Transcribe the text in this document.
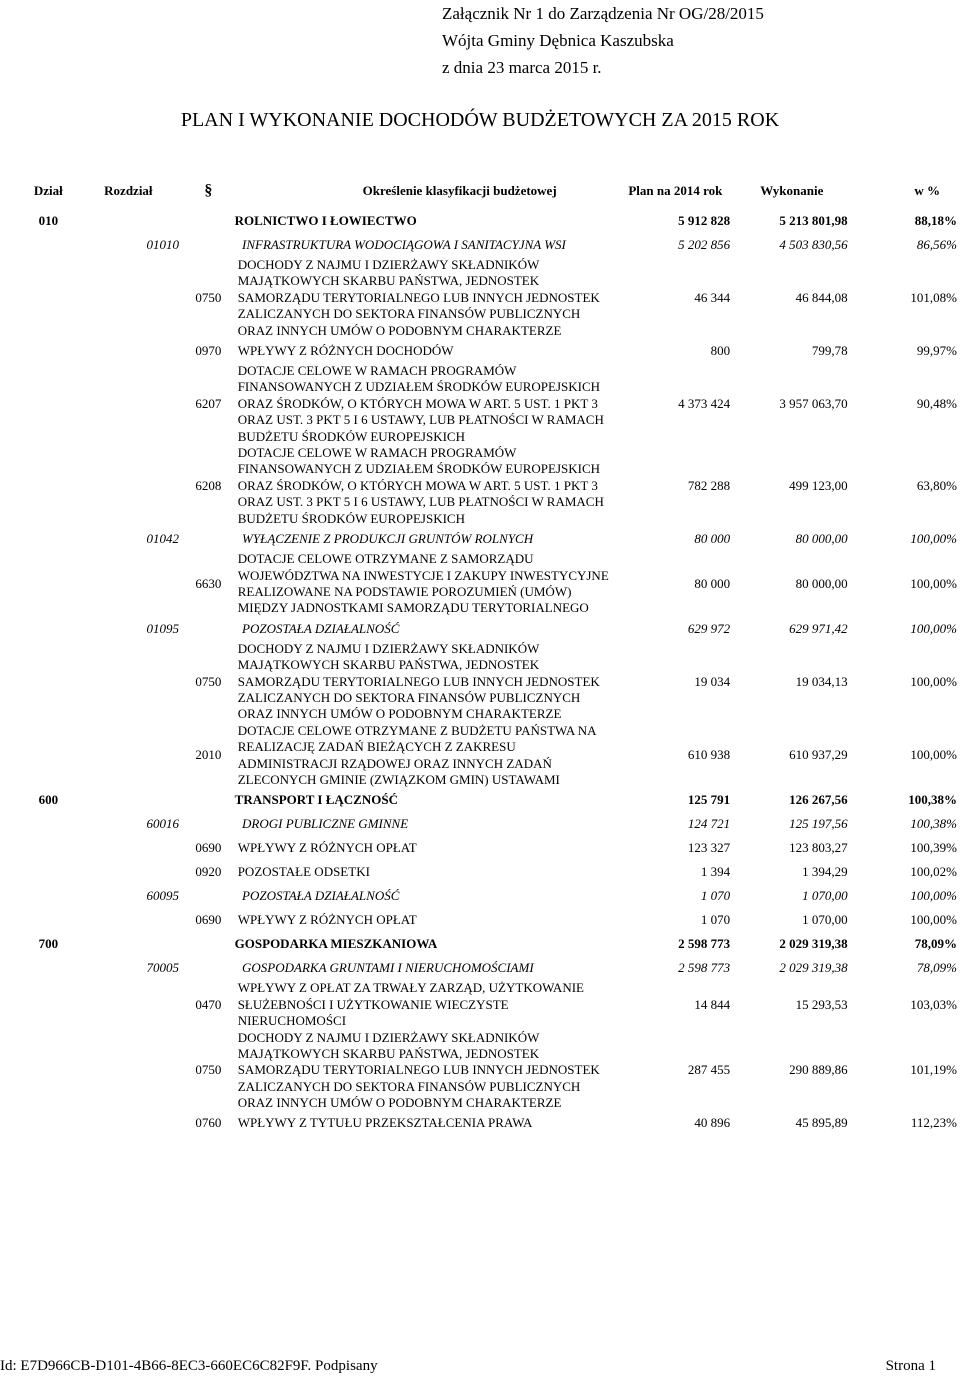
Załącznik Nr 1 do Zarządzenia Nr OG/28/2015
Wójta Gminy Dębnica Kaszubska
z dnia 23 marca 2015 r.
PLAN I WYKONANIE DOCHODÓW BUDŻETOWYCH ZA 2015 ROK
Dział	Rozdział	§	Określenie klasyfikacji budżetowej	Plan na 2014 rok	Wykonanie	w %
010	ROLNICTWO I ŁOWIECTWO			5 912 828	5 213 801,98	88,18%
	01010	INFRASTRUKTURA WODOCIĄGOWA I SANITACYJNA WSI		5 202 856	4 503 830,56	86,56%
		0750	DOCHODY Z NAJMU I DZIERŻAWY SKŁADNIKÓW MAJĄTKOWYCH SKARBU PAŃSTWA, JEDNOSTEK SAMORZĄDU TERYTORIALNEGO LUB INNYCH JEDNOSTEK ZALICZANYCH DO SEKTORA FINANSÓW PUBLICZNYCH ORAZ INNYCH UMÓW O PODOBNYM CHARAKTERZE	46 344	46 844,08	101,08%
		0970	WPŁYWY Z RÓŻNYCH DOCHODÓW	800	799,78	99,97%
		6207	DOTACJE CELOWE W RAMACH PROGRAMÓW FINANSOWANYCH Z UDZIAŁEM ŚRODKÓW EUROPEJSKICH ORAZ ŚRODKÓW, O KTÓRYCH MOWA W ART. 5 UST. 1 PKT 3 ORAZ UST. 3 PKT 5 I 6 USTAWY, LUB PŁATNOŚCI W RAMACH BUDŻETU ŚRODKÓW EUROPEJSKICH	4 373 424	3 957 063,70	90,48%
		6208	DOTACJE CELOWE W RAMACH PROGRAMÓW FINANSOWANYCH Z UDZIAŁEM ŚRODKÓW EUROPEJSKICH ORAZ ŚRODKÓW, O KTÓRYCH MOWA W ART. 5 UST. 1 PKT 3 ORAZ UST. 3 PKT 5 I 6 USTAWY, LUB PŁATNOŚCI W RAMACH BUDŻETU ŚRODKÓW EUROPEJSKICH	782 288	499 123,00	63,80%
	01042	WYŁĄCZENIE Z PRODUKCJI GRUNTÓW ROLNYCH		80 000	80 000,00	100,00%
		6630	DOTACJE CELOWE OTRZYMANE Z SAMORZĄDU WOJEWÓDZTWA NA INWESTYCJE I ZAKUPY INWESTYCYJNE REALIZOWANE NA PODSTAWIE POROZUMIEŃ (UMÓW) MIĘDZY JADNOSTKAMI SAMORZĄDU TERYTORIALNEGO	80 000	80 000,00	100,00%
	01095	POZOSTAŁA DZIAŁALNOŚĆ		629 972	629 971,42	100,00%
		0750	DOCHODY Z NAJMU I DZIERŻAWY SKŁADNIKÓW MAJĄTKOWYCH SKARBU PAŃSTWA, JEDNOSTEK SAMORZĄDU TERYTORIALNEGO LUB INNYCH JEDNOSTEK ZALICZANYCH DO SEKTORA FINANSÓW PUBLICZNYCH ORAZ INNYCH UMÓW O PODOBNYM CHARAKTERZE	19 034	19 034,13	100,00%
		2010	DOTACJE CELOWE OTRZYMANE Z BUDŻETU PAŃSTWA NA REALIZACJĘ ZADAŃ BIEŻĄCYCH Z ZAKRESU ADMINISTRACJI RZĄDOWEJ ORAZ INNYCH ZADAŃ ZLECONYCH GMINIE (ZWIĄZKOM GMIN) USTAWAMI	610 938	610 937,29	100,00%
600	TRANSPORT I ŁĄCZNOŚĆ			125 791	126 267,56	100,38%
	60016	DROGI PUBLICZNE GMINNE		124 721	125 197,56	100,38%
		0690	WPŁYWY Z RÓŻNYCH OPŁAT	123 327	123 803,27	100,39%
		0920	POZOSTAŁE ODSETKI	1 394	1 394,29	100,02%
	60095	POZOSTAŁA DZIAŁALNOŚĆ		1 070	1 070,00	100,00%
		0690	WPŁYWY Z RÓŻNYCH OPŁAT	1 070	1 070,00	100,00%
700	GOSPODARKA MIESZKANIOWA			2 598 773	2 029 319,38	78,09%
	70005	GOSPODARKA GRUNTAMI I NIERUCHOMOŚCIAMI		2 598 773	2 029 319,38	78,09%
		0470	WPŁYWY Z OPŁAT ZA TRWAŁY ZARZĄD, UŻYTKOWANIE SŁUŻEBNOŚCI I UŻYTKOWANIE WIECZYSTE NIERUCHOMOŚCI	14 844	15 293,53	103,03%
		0750	DOCHODY Z NAJMU I DZIERŻAWY SKŁADNIKÓW MAJĄTKOWYCH SKARBU PAŃSTWA, JEDNOSTEK SAMORZĄDU TERYTORIALNEGO LUB INNYCH JEDNOSTEK ZALICZANYCH DO SEKTORA FINANSÓW PUBLICZNYCH ORAZ INNYCH UMÓW O PODOBNYM CHARAKTERZE	287 455	290 889,86	101,19%
		0760	WPŁYWY Z TYTUŁU PRZEKSZTAŁCENIA PRAWA	40 896	45 895,89	112,23%
Id: E7D966CB-D101-4B66-8EC3-660EC6C82F9F. Podpisany	Strona 1
